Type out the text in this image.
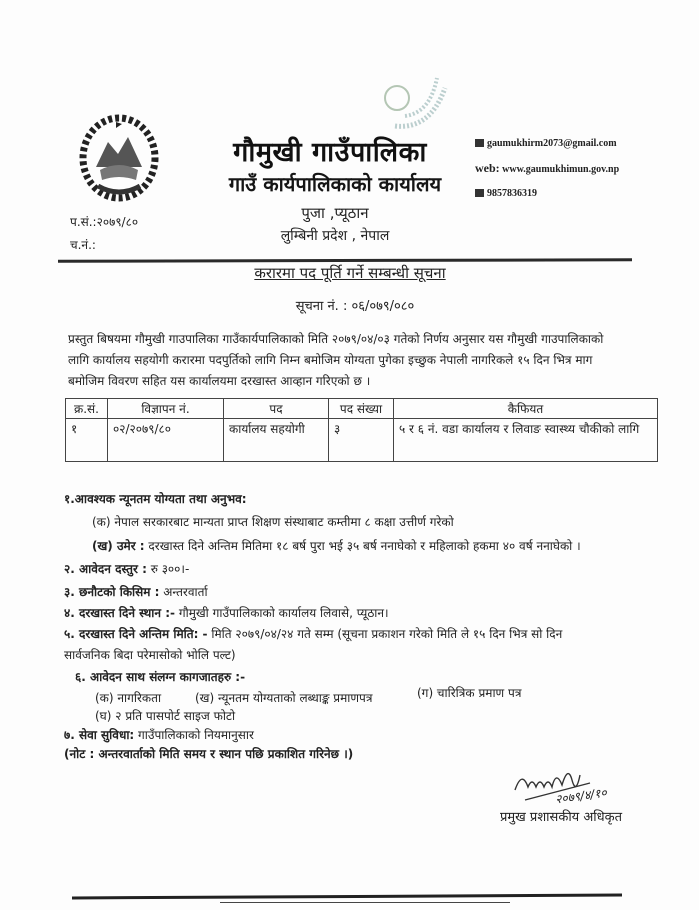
गौमुखी गाउँपालिका
गाउँ कार्यपालिकाको कार्यालय
पुजा ,प्यूठान
लुम्बिनी प्रदेश , नेपाल
प.सं.:२०७९/८०
च.नं.:
gaumukhirm2073@gmail.com
web: www.gaumukhimun.gov.np
9857836319
करारमा पद पूर्ति गर्ने सम्बन्धी सूचना
सूचना नं. : ०६/०७९/०८०
प्रस्तुत बिषयमा गौमुखी गाउपालिका गाउँकार्यपालिकाको मिति २०७९/०४/०३ गतेको निर्णय अनुसार यस गौमुखी गाउपालिकाको
लागि कार्यालय सहयोगी करारमा पदपुर्तिको लागि निम्न बमोजिम योग्यता पुगेका इच्छुक नेपाली नागरिकले १५ दिन भित्र माग
बमोजिम विवरण सहित यस कार्यालयमा दरखास्त आव्हान गरिएको छ ।
क्र.सं.	विज्ञापन नं.	पद	पद संख्या	कैफियत
१	०२/२०७९/८०	कार्यालय सहयोगी	३	५ र ६ नं. वडा कार्यालय र लिवाङ स्वास्थ्य चौकीको लागि
१.आवश्यक न्यूनतम योग्यता तथा अनुभव:
(क) नेपाल सरकारबाट मान्यता प्राप्त शिक्षण संस्थाबाट कम्तीमा ८ कक्षा उत्तीर्ण गरेको
(ख) उमेर : दरखास्त दिने अन्तिम मितिमा १८ बर्ष पुरा भई ३५ बर्ष ननाघेको र महिलाको हकमा ४० वर्ष ननाघेको ।
२. आवेदन दस्तुर : रु ३००।-
३. छनौटको किसिम : अन्तरवार्ता
४. दरखास्त दिने स्थान :- गौमुखी गाउँपालिकाको कार्यालय लिवासे, प्यूठान।
५. दरखास्त दिने अन्तिम मिति: - मिति २०७९/०४/२४ गते सम्म (सूचना प्रकाशन गरेको मिति ले १५ दिन भित्र सो दिन
सार्वजनिक बिदा परेमासोको भोलि पल्ट)
६. आवेदन साथ संलग्न कागजातहरु :-
(क) नागरिकता	(ख) न्यूनतम योग्यताको लब्धाङ्क प्रमाणपत्र	(ग) चारित्रिक प्रमाण पत्र
(घ) २ प्रति पासपोर्ट साइज फोटो
७. सेवा सुविधा: गाउँपालिकाको नियमानुसार
(नोट : अन्तरवार्ताको मिति समय र स्थान पछि प्रकाशित गरिनेछ ।)
२०७९/४/१०
प्रमुख प्रशासकीय अधिकृत
